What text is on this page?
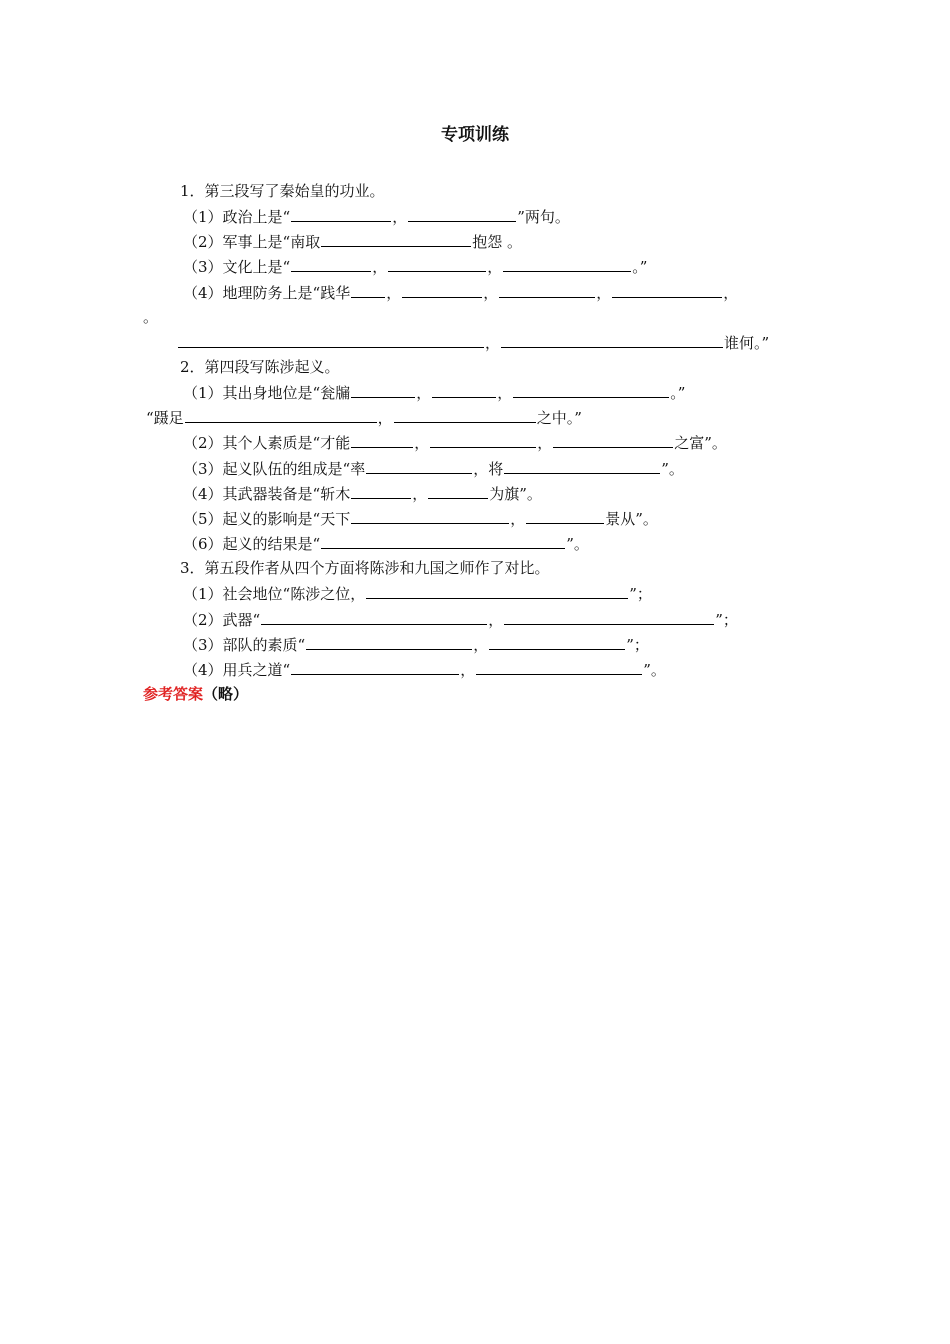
专项训练
1．第三段写了秦始皇的功业。
（1）政治上是“	，	”两句。
（2）军事上是“南取	抱怨 。
（3）文化上是“	，	，	。”
（4）地理防务上是“践华 ，	，	，	，
。
，	谁何。”
2．第四段写陈涉起义。
（1）其出身地位是“瓮牖	，	，	。”
“蹑足	，	之中。”
（2）其个人素质是“才能	，	，	之富”。
（3）起义队伍的组成是“率	，将	”。
（4）其武器装备是“斩木	，	为旗”。
（5）起义的影响是“天下	，	景从”。
（6）起义的结果是“	”。
3．第五段作者从四个方面将陈涉和九国之师作了对比。
（1）社会地位“陈涉之位，	”；
（2）武器“	，	”；
（3）部队的素质“	，	”；
（4）用兵之道“	，	”。
参考答案（略）
